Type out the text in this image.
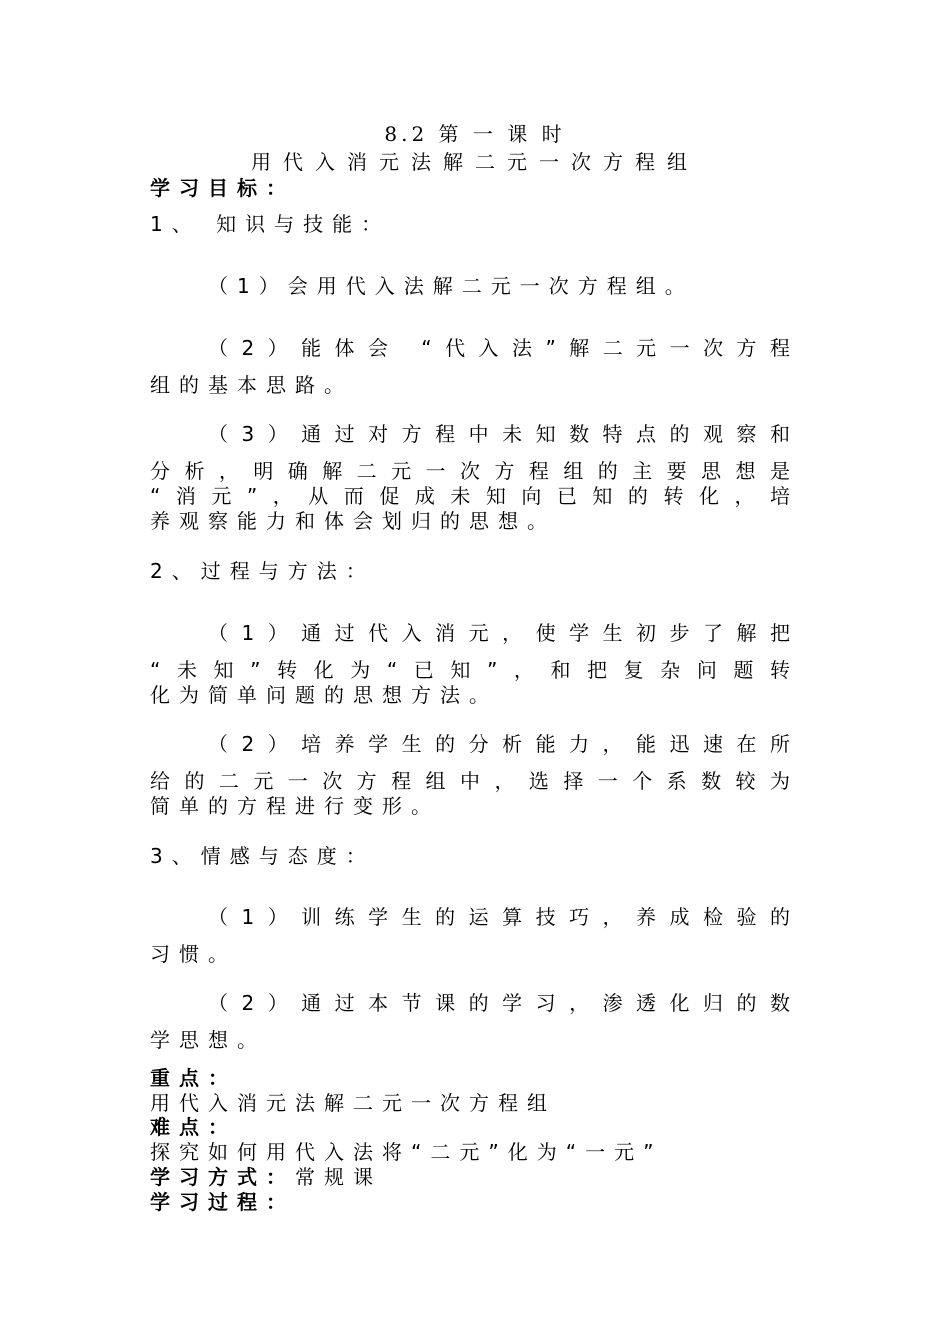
8.2 第 一 课 时
用代入消元法解二元一次方程组
学习目标：
1、 知识与技能：
（1）会用代入法解二元一次方程组。
（2）能体会 “代入法”解二元一次方程
组的基本思路。
（3）通过对方程中未知数特点的观察和
分析，明确解二元一次方程组的主要思想是
“消元”，从而促成未知向已知的转化，培
养观察能力和体会划归的思想。
2、过程与方法：
（1）通过代入消元，使学生初步了解把
“未知”转化为“已知”，和把复杂问题转
化为简单问题的思想方法。
（2）培养学生的分析能力，能迅速在所
给的二元一次方程组中，选择一个系数较为
简单的方程进行变形。
3、情感与态度：
（1）训练学生的运算技巧，养成检验的
习惯。
（2）通过本节课的学习，渗透化归的数
学思想。
重点：
用代入消元法解二元一次方程组
难点：
探究如何用代入法将“二元”化为“一元”
学习方式：常规课
学习过程：
